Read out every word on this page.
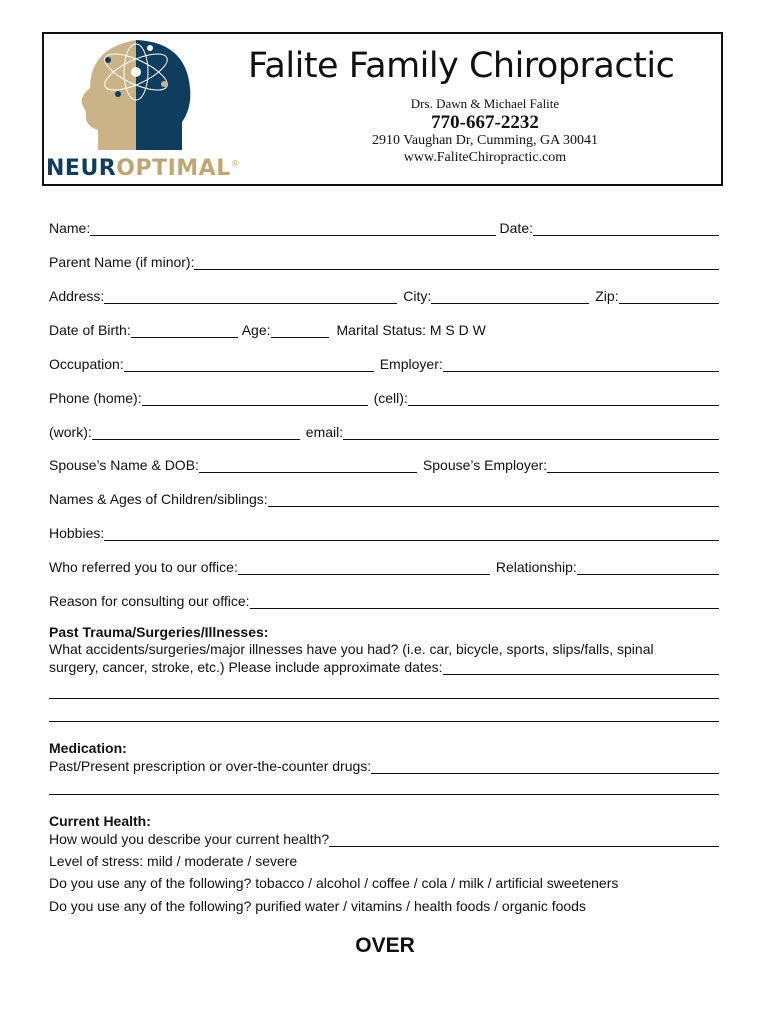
NEUROPTIMAL®
Falite Family Chiropractic
Drs. Dawn & Michael Falite
770-667-2232
2910 Vaughan Dr, Cumming, GA 30041
www.FaliteChiropractic.com
Name:	Date:
Parent Name (if minor):
Address:	City:	Zip:
Date of Birth:	Age:	Marital Status: M S D W
Occupation:	Employer:
Phone (home):	(cell):
(work):	email:
Spouse’s Name & DOB:	Spouse’s Employer:
Names & Ages of Children/siblings:
Hobbies:
Who referred you to our office:	Relationship:
Reason for consulting our office:
Past Trauma/Surgeries/Illnesses:
What accidents/surgeries/major illnesses have you had? (i.e. car, bicycle, sports, slips/falls, spinal
surgery, cancer, stroke, etc.) Please include approximate dates:
Medication:
Past/Present prescription or over-the-counter drugs:
Current Health:
How would you describe your current health?
Level of stress: mild / moderate / severe
Do you use any of the following? tobacco / alcohol / coffee / cola / milk / artificial sweeteners
Do you use any of the following? purified water / vitamins / health foods / organic foods
OVER
